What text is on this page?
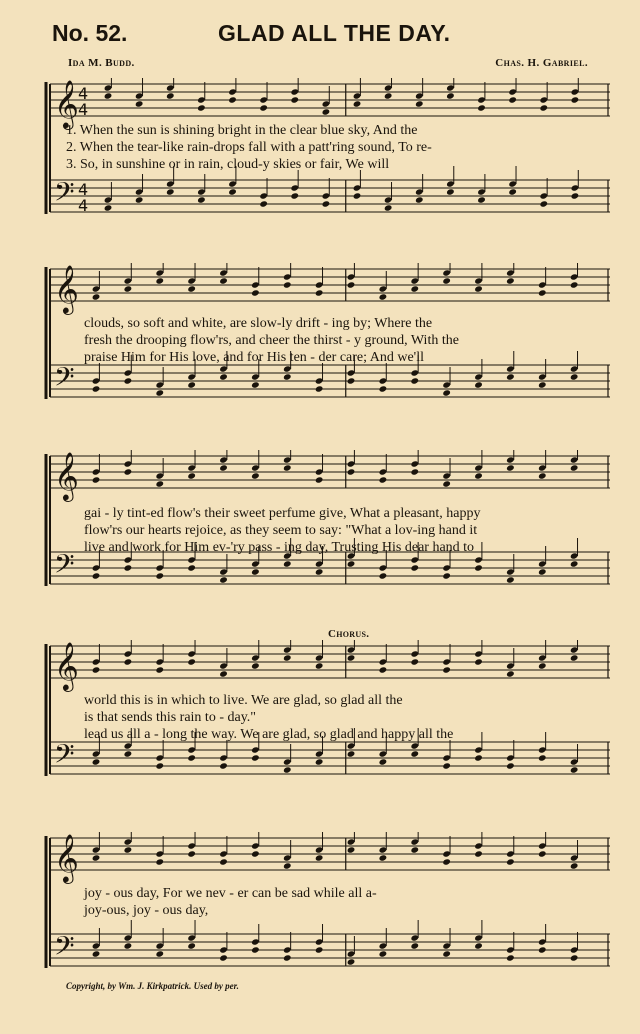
No. 52.	GLAD ALL THE DAY.
Ida M. Budd.	Chas. H. Gabriel.
𝄞
𝄢
4
4
4
4
𝄞
𝄢
𝄞
𝄢
𝄞
𝄢
𝄞
𝄢
Chorus.
Copyright, by Wm. J. Kirkpatrick. Used by per.
1. When the sun is shining bright in the clear blue sky, And the
2. When the tear-like rain-drops fall with a patt'ring sound, To re-
3. So, in sunshine or in rain, cloud-y skies or fair, We will
clouds, so soft and white, are slow-ly drift - ing by; Where the
fresh the drooping flow'rs, and cheer the thirst - y ground, With the
praise Him for His love, and for His ten - der care; And we'll
gai - ly tint-ed flow's their sweet perfume give, What a pleasant, happy
flow'rs our hearts rejoice, as they seem to say: "What a lov-ing hand it
live and work for Him ev-'ry pass - ing day, Trusting His dear hand to
world this is in which to live. We are glad, so glad all the
is that sends this rain to - day."
lead us all a - long the way. We are glad, so glad and happy all the
joy - ous day, For we nev - er can be sad while all a-
joy-ous, joy - ous day,
